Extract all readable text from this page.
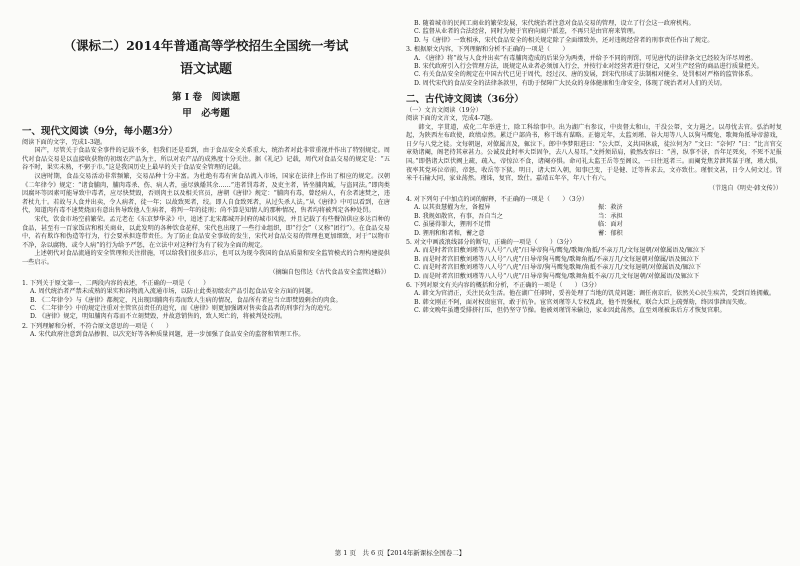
（课标二）2014年普通高等学校招生全国统一考试
语文试题
第 Ⅰ 卷　阅读题
甲　必考题
一、现代文阅读（9分，每小题3分）
阅读下面的文字，完成1-3题。

国产，尽管关于食品安全事件的记载不多，但我们还是看到，由于食品安全关系重大，统治者对此非常重视并作出了特别规定。周代对食品交易是以直接收获物的初级农产品为主，所以对农产品的成熟度十分关注。据《礼记》记载，周代对食品交易的规定是：“五谷不时，果实未熟，不粥于市。”这是我国历史上最早的关于食品安全管理的记载。

汉唐时期，食品交易活动非常频繁，交易品种十分丰富。为杜绝有毒有害食品流入市场，国家在法律上作出了相应的规定。汉朝《二年律令》规定：“诸食脯肉，脯肉毒杀、伤、病人者，亟尽孰燔其余……”违者罚毒者，及吏主者，皆坐脯肉臧，与盗同法。”即肉类因腐坏等因素可能导致中毒者，应尽快焚毁，否则肉主以及相关官员，唐朝《唐律》规定：“脯肉有毒，曾经病人，有余者速焚之，违者杖九十。若故与人食并出卖，令人病者，徒一年；以故致死者，绞。即人自食致死者，从过失杀人法。”从《唐律》中可以看到，在唐代，知道肉有毒不速焚烧而有意出售导致他人生病者，将判一年的徒刑；尚不算是知情人的那种情况，售者均将被判定各种处罚。

宋代，饮食市场空前繁荣。孟元老在《东京梦华录》中，追述了北宋都城开封府的城市风貌，并且记载了有些餐馆供应多达百种的食品，甚至有一百家饭店和相关商业，以此发明的各种饮食花样，宋代也出现了一些行业组织，即“行会”（又称“团行”）。在食品交易中，若有欺诈和伪造等行为，行会要承担连带责任。为了防止食品安全事故的发生，宋代对食品交易的管理也更加细致，对于“以物市不净，杂以腐物、或令人病”的行为给予严惩，在立法中对这种行为有了较为全面的规定。

上述朝代对食品流通的安全管理和关注措施，可以给我们很多启示，也可以为现今我国的食品质量和安全监管模式的合理构建提供一些启示。

（摘编自包伟达《古代食品安全监管述略》）
1. 下列关于原文第一、二两段内容的表述，不正确的一项是（　　）
A. 周代统治者严禁未成熟的果实和谷物流入流通市场，以防止此类初级农产品引起食品安全方面的问题。
B. 《二年律令》与《唐律》都规定，凡出现因脯肉有毒而致人生病的情况，食品所有者应当立即焚毁剩余的肉食。
C. 《二年律令》中的规定注重对主管官员责任的追究，而《唐律》则更加强调对售卖食品者的刑事行为的追究。
D. 《唐律》规定，明知脯肉有毒而不立刻焚毁，并故意销售的，致人死亡的，将被判处绞刑。
2. 下列理解和分析，不符合原文意思的一项是（　　）
A. 宋代政府注意到食品掺假、以次充好等各种质量问题，进一步加强了食品安全的监督和管理工作。
B. 随着城市的民间工商业的繁荣发展，宋代统治者注意对食品交易的管理，设立了行会这一政府机构。
C. 监督从业者的合法经营，同时为便于官府向商户派差，不再只是由官府来管理。
D. 与《唐律》一致相承，宋代食品安全的相关规定除了全面细致外，还对违规经营者的刑事责任作出了规定。
3. 根据原文内容，下列理解和分析不正确的一项是（　　）
A. 《唐律》将“故与人食并出卖”有毒脯肉造成的后果分为两类，并给予不同的刑罚，可见唐代的法律条文已经较为详尽周密。
B. 宋代政府引入行会管理方法，既规定从业者必须加入行会，并按行业对经营者进行登记，又对生产经营的商品进行质量把关。
C. 有关食品安全的规定在中国古代已见于周代，经过汉、唐的发展，到宋代形成了法制相对健全、处罚相对严格的监管体系。
D. 周代宋代的食品安全的法律条款里，有助于保障广大民众的身体健康和生命安全，体现了统治者对人们的关切。
二、古代诗文阅读（36分）
（一）文言文阅读（19分）
阅读下面的文言文，完成4-7题。

韩文，字贯道，成化二年举进士，除工科给事中。出为湖广右参议，中贵督太和山，干没公帑，文力遏之。以母忧去官。弘治时复起，为陕西左布政使，政绩卓然。累迁户部尚书，称干练有谋略。正德元年，太监刘瑾、谷大用等八人以狗马鹰兔、歌舞角抵导帝游戏，日夕与八党之徒。文每朝退，对僚属言及，辄泣下。郎中李梦阳进曰：“公大臣，义共国休戚，徒泣何为？”文曰：“奈何？”曰：“比言官交章劾诸阉，阁老持其章甚力。公诚及此时率大臣固争，去八人易耳。”文捋须昂肩，毅然改容曰：“善，纵事不济，吾年足死矣，不死不足报国。”即偕诸大臣伏阙上疏，疏入，帝惊泣不食，诸阉亦惧。命司礼太监王岳等至阁议，一日往返者三。而阉党焦芳泄其谋于瑾，瑾大惧，夜率其党环泣帝前，帝怒，收岳等下狱。明日，诸大臣入朝，知事已变，于是健、迁等皆求去，文亦致仕。瑾恨文甚，日令人伺文过。罚米千石输大同，家业荡然。瑾诛，复官，致仕。嘉靖五年卒，年八十有六。

（节选自《明史·韩文传》）
4. 对下列句子中加点的词的解释，不正确的一项是（　　）（3分）
A. 以其贵慧擢为左，备握异	振：救济
B. 我规如散官，有事，吾自当之	当：承担
C. 虽屡得罪大，狸刑不足惜	临：面对
D. 狸刑和和者和，蓄之意	蓄：郁积
5. 对文中画波浪线部分的断句，正确的一项是（　　）（3分）
A. 而是时者宫旧敷刘瑾等八人号“八虎”/日导帝狗马/鹰兔/歌舞/角抵/不亲万几/文每退朝/对僚属语及/辄泣下
B. 而是时者宫旧敷刘瑾等八人号“八虎”/日导帝狗马鹰兔/歌舞角抵/不亲万几/文每退朝对僚属/语及辄泣下
C. 而是时者宫旧敷刘瑾等八人号“八虎”/日导帝/狗马鹰兔歌舞/角抵不亲万几/文每退朝/对僚属语及/辄泣下
D. 而是时者宫旧敷刘瑾等八人号“八虎”/日导帝狗马鹰兔/歌舞角抵不亲/万几文每退朝/对僚属语/及辄泣下
6. 下列对原文有关内容的概括和分析，不正确的一项是（　　）（3分）
A. 韩文为官清正，关注民众生活。他在湖广任职时，妥善处理了当地的饥荒问题；调任南京后，依然关心民生疾苦，受到百姓拥戴。
B. 韩文刚正不阿，面对权贵宦官，敢于抗争。宦官刘瑾等人专权乱政，他不畏强权，联合大臣上疏弹劾，终因事泄而失败。
C. 韩文晚年虽遭受排挤打压，但仍坚守节操。他被刘瑾罚米输边，家业因此荡然，直至刘瑾被诛后方才恢复官职。
第 1 页　共 6 页【2014年新课标全国卷二】
